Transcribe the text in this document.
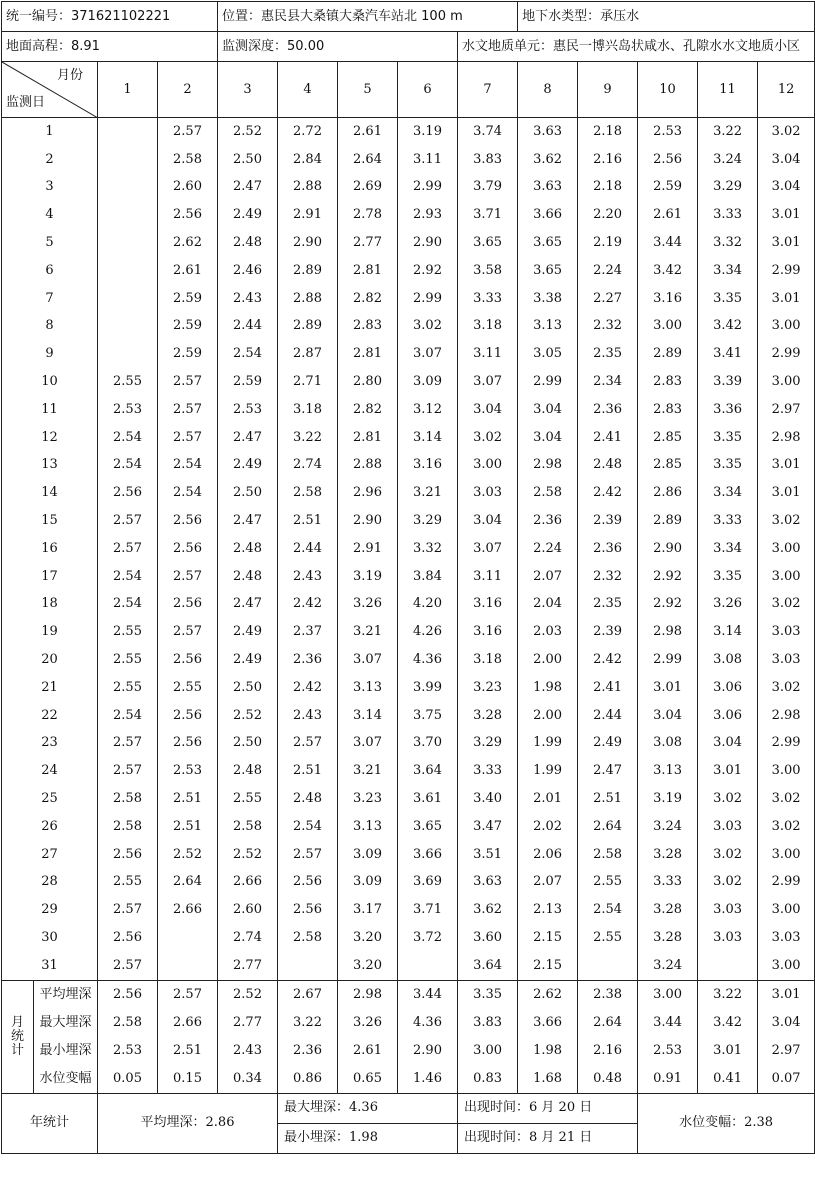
统一编号：371621102221				位置：惠民县大桑镇大桑汽车站北 100 m					地下水类型：承压水				
地面高程：8.91				监测深度：50.00				水文地质单元：惠民一博兴岛状咸水、孔隙水水文地质小区					

月份
监测日		1	2	3	4	5	6	7	8	9	10	11	12
1			2.57	2.52	2.72	2.61	3.19	3.74	3.63	2.18	2.53	3.22	3.02
2			2.58	2.50	2.84	2.64	3.11	3.83	3.62	2.16	2.56	3.24	3.04
3			2.60	2.47	2.88	2.69	2.99	3.79	3.63	2.18	2.59	3.29	3.04
4			2.56	2.49	2.91	2.78	2.93	3.71	3.66	2.20	2.61	3.33	3.01
5			2.62	2.48	2.90	2.77	2.90	3.65	3.65	2.19	3.44	3.32	3.01
6			2.61	2.46	2.89	2.81	2.92	3.58	3.65	2.24	3.42	3.34	2.99
7			2.59	2.43	2.88	2.82	2.99	3.33	3.38	2.27	3.16	3.35	3.01
8			2.59	2.44	2.89	2.83	3.02	3.18	3.13	2.32	3.00	3.42	3.00
9			2.59	2.54	2.87	2.81	3.07	3.11	3.05	2.35	2.89	3.41	2.99
10		2.55	2.57	2.59	2.71	2.80	3.09	3.07	2.99	2.34	2.83	3.39	3.00
11		2.53	2.57	2.53	3.18	2.82	3.12	3.04	3.04	2.36	2.83	3.36	2.97
12		2.54	2.57	2.47	3.22	2.81	3.14	3.02	3.04	2.41	2.85	3.35	2.98
13		2.54	2.54	2.49	2.74	2.88	3.16	3.00	2.98	2.48	2.85	3.35	3.01
14		2.56	2.54	2.50	2.58	2.96	3.21	3.03	2.58	2.42	2.86	3.34	3.01
15		2.57	2.56	2.47	2.51	2.90	3.29	3.04	2.36	2.39	2.89	3.33	3.02
16		2.57	2.56	2.48	2.44	2.91	3.32	3.07	2.24	2.36	2.90	3.34	3.00
17		2.54	2.57	2.48	2.43	3.19	3.84	3.11	2.07	2.32	2.92	3.35	3.00
18		2.54	2.56	2.47	2.42	3.26	4.20	3.16	2.04	2.35	2.92	3.26	3.02
19		2.55	2.57	2.49	2.37	3.21	4.26	3.16	2.03	2.39	2.98	3.14	3.03
20		2.55	2.56	2.49	2.36	3.07	4.36	3.18	2.00	2.42	2.99	3.08	3.03
21		2.55	2.55	2.50	2.42	3.13	3.99	3.23	1.98	2.41	3.01	3.06	3.02
22		2.54	2.56	2.52	2.43	3.14	3.75	3.28	2.00	2.44	3.04	3.06	2.98
23		2.57	2.56	2.50	2.57	3.07	3.70	3.29	1.99	2.49	3.08	3.04	2.99
24		2.57	2.53	2.48	2.51	3.21	3.64	3.33	1.99	2.47	3.13	3.01	3.00
25		2.58	2.51	2.55	2.48	3.23	3.61	3.40	2.01	2.51	3.19	3.02	3.02
26		2.58	2.51	2.58	2.54	3.13	3.65	3.47	2.02	2.64	3.24	3.03	3.02
27		2.56	2.52	2.52	2.57	3.09	3.66	3.51	2.06	2.58	3.28	3.02	3.00
28		2.55	2.64	2.66	2.56	3.09	3.69	3.63	2.07	2.55	3.33	3.02	2.99
29		2.57	2.66	2.60	2.56	3.17	3.71	3.62	2.13	2.54	3.28	3.03	3.00
30		2.56		2.74	2.58	3.20	3.72	3.60	2.15	2.55	3.28	3.03	3.03
31		2.57		2.77		3.20		3.64	2.15		3.24		3.00

月
统
计	平均埋深	2.56	2.57	2.52	2.67	2.98	3.44	3.35	2.62	2.38	3.00	3.22	3.01
	最大埋深	2.58	2.66	2.77	3.22	3.26	4.36	3.83	3.66	2.64	3.44	3.42	3.04
	最小埋深	2.53	2.51	2.43	2.36	2.61	2.90	3.00	1.98	2.16	2.53	3.01	2.97
	水位变幅	0.05	0.15	0.34	0.86	0.65	1.46	0.83	1.68	0.48	0.91	0.41	0.07
年统计		平均埋深：2.86			最大埋深：4.36			出现时间：6 月 20 日			水位变幅：2.38		
					最小埋深：1.98			出现时间：8 月 21 日					
